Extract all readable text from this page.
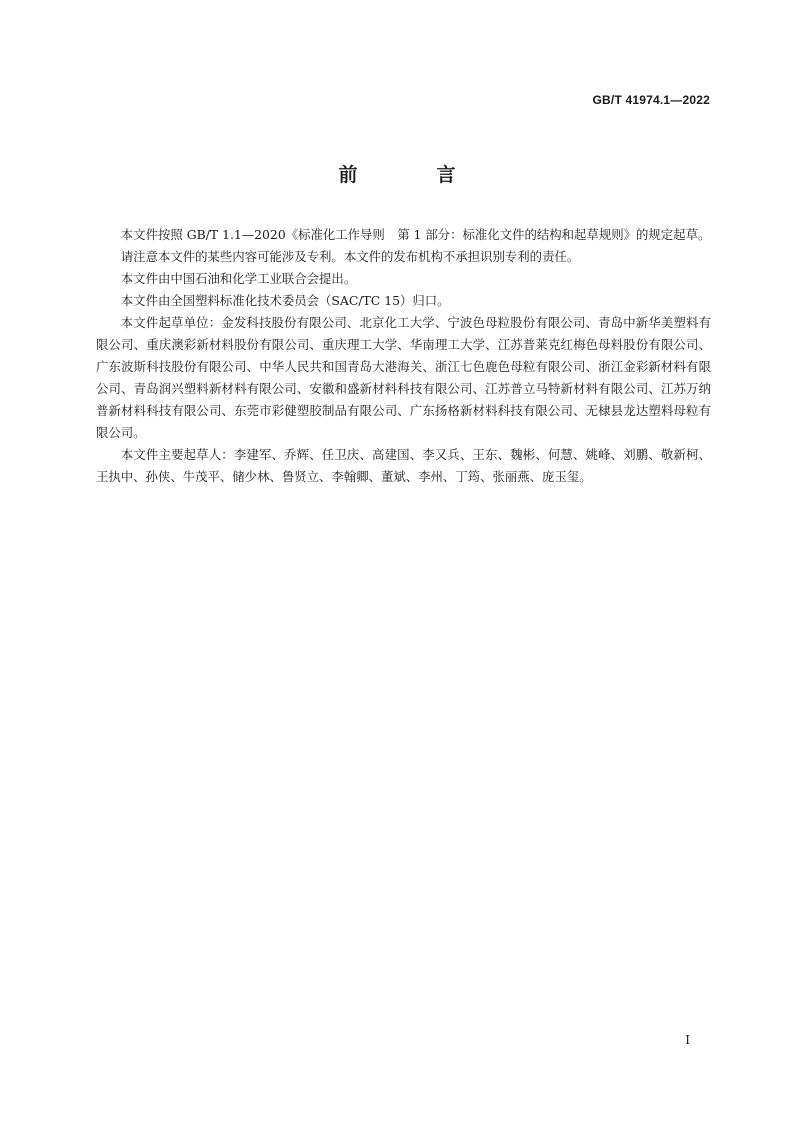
GB/T 41974.1—2022
前　言

本文件按照 GB/T 1.1—2020《标准化工作导则　第 1 部分：标准化文件的结构和起草规则》的规定起草。

请注意本文件的某些内容可能涉及专利。本文件的发布机构不承担识别专利的责任。

本文件由中国石油和化学工业联合会提出。

本文件由全国塑料标准化技术委员会（SAC/TC 15）归口。

本文件起草单位：金发科技股份有限公司、北京化工大学、宁波色母粒股份有限公司、青岛中新华美塑料有限公司、重庆澳彩新材料股份有限公司、重庆理工大学、华南理工大学、江苏普莱克红梅色母料股份有限公司、广东波斯科技股份有限公司、中华人民共和国青岛大港海关、浙江七色鹿色母粒有限公司、浙江金彩新材料有限公司、青岛润兴塑料新材料有限公司、安徽和盛新材料科技有限公司、江苏普立马特新材料有限公司、江苏万纳普新材料科技有限公司、东莞市彩健塑胶制品有限公司、广东扬格新材料科技有限公司、无棣县龙达塑料母粒有限公司。

本文件主要起草人：李建军、乔辉、任卫庆、高建国、李又兵、王东、魏彬、何慧、姚峰、刘鹏、敬新柯、王执中、孙侠、牛茂平、储少林、鲁贤立、李翰卿、董斌、李州、丁筠、张丽燕、庞玉玺。

I
